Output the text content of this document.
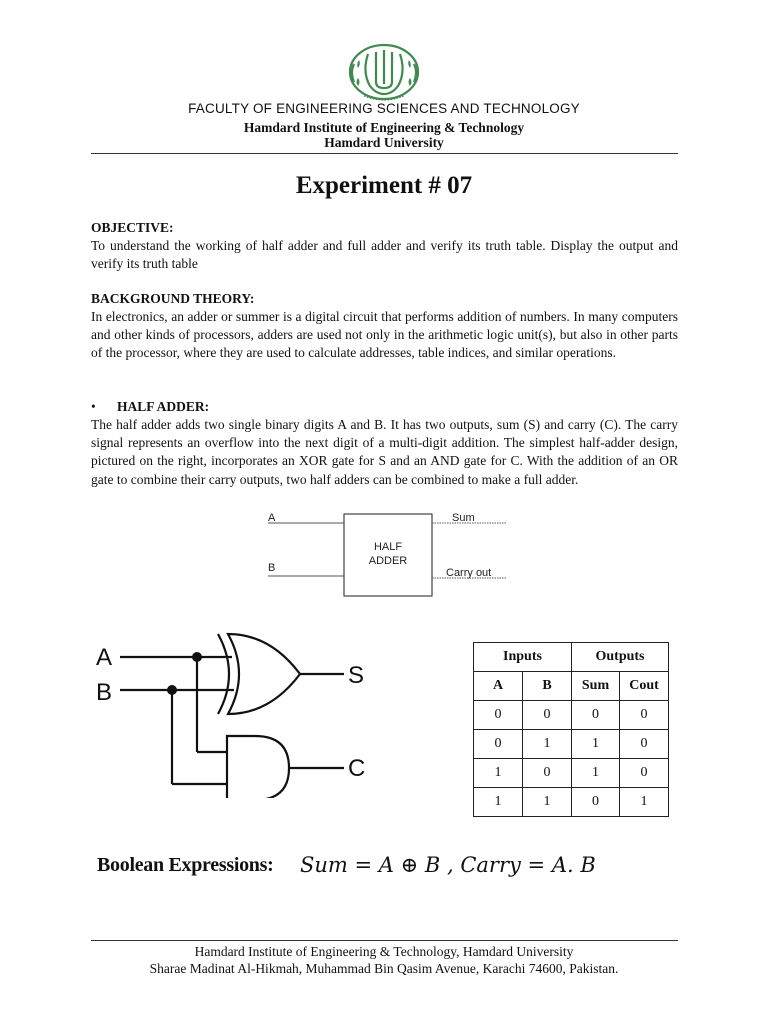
FACULTY OF ENGINEERING SCIENCES AND TECHNOLOGY
Hamdard Institute of Engineering & Technology
Hamdard University
Experiment # 07
OBJECTIVE:
To understand the working of half adder and full adder and verify its truth table. Display the output and verify its truth table
BACKGROUND THEORY:
In electronics, an adder or summer is a digital circuit that performs addition of numbers. In many computers and other kinds of processors, adders are used not only in the arithmetic logic unit(s), but also in other parts of the processor, where they are used to calculate addresses, table indices, and similar operations.
• HALF ADDER:
The half adder adds two single binary digits A and B. It has two outputs, sum (S) and carry (C). The carry signal represents an overflow into the next digit of a multi-digit addition. The simplest half-adder design, pictured on the right, incorporates an XOR gate for S and an AND gate for C. With the addition of an OR gate to combine their carry outputs, two half adders can be combined to make a full adder.
A
B
HALF
ADDER
Sum
Carry out
A
B
S
C
Inputs		Outputs	
A	B	Sum	Cout
0	0	0	0
0	1	1	0
1	0	1	0
1	1	0	1
Boolean Expressions: Sum = A ⊕ B , Carry = A. B
Hamdard Institute of Engineering & Technology, Hamdard University
Sharae Madinat Al-Hikmah, Muhammad Bin Qasim Avenue, Karachi 74600, Pakistan.
